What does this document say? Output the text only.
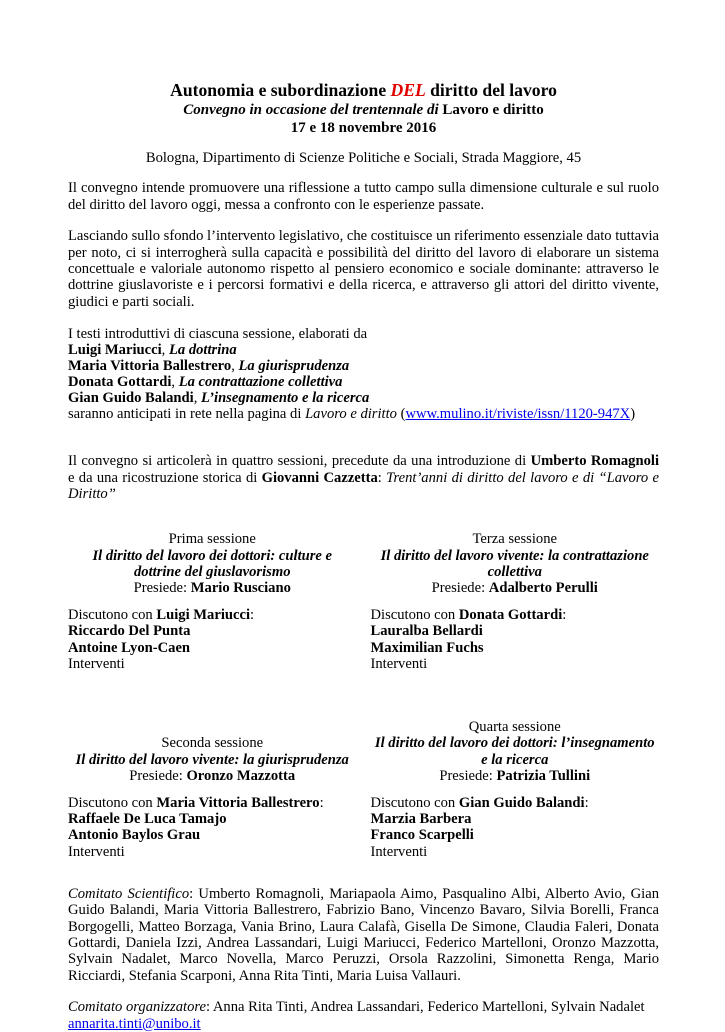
Autonomia e subordinazione DEL diritto del lavoro
Convegno in occasione del trentennale di Lavoro e diritto
17 e 18 novembre 2016
Bologna, Dipartimento di Scienze Politiche e Sociali, Strada Maggiore, 45
Il convegno intende promuovere una riflessione a tutto campo sulla dimensione culturale e sul ruolo del diritto del lavoro oggi, messa a confronto con le esperienze passate.
Lasciando sullo sfondo l’intervento legislativo, che costituisce un riferimento essenziale dato tuttavia per noto, ci si interrogherà sulla capacità e possibilità del diritto del lavoro di elaborare un sistema concettuale e valoriale autonomo rispetto al pensiero economico e sociale dominante: attraverso le dottrine giuslavoriste e i percorsi formativi e della ricerca, e attraverso gli attori del diritto vivente, giudici e parti sociali.
I testi introduttivi di ciascuna sessione, elaborati da
Luigi Mariucci, La dottrina
Maria Vittoria Ballestrero, La giurisprudenza
Donata Gottardi, La contrattazione collettiva
Gian Guido Balandi, L’insegnamento e la ricerca
saranno anticipati in rete nella pagina di Lavoro e diritto (www.mulino.it/riviste/issn/1120-947X)
Il convegno si articolerà in quattro sessioni, precedute da una introduzione di Umberto Romagnoli e da una ricostruzione storica di Giovanni Cazzetta: Trent’anni di diritto del lavoro e di “Lavoro e Diritto”
Prima sessione
Il diritto del lavoro dei dottori: culture e dottrine del giuslavorismo
Presiede: Mario Rusciano
Terza sessione
Il diritto del lavoro vivente: la contrattazione collettiva
Presiede: Adalberto Perulli
Discutono con Luigi Mariucci:
Riccardo Del Punta
Antoine Lyon-Caen
Interventi
Discutono con Donata Gottardi:
Lauralba Bellardi
Maximilian Fuchs
Interventi
Seconda sessione
Il diritto del lavoro vivente: la giurisprudenza
Presiede: Oronzo Mazzotta
Quarta sessione
Il diritto del lavoro dei dottori: l’insegnamento e la ricerca
Presiede: Patrizia Tullini
Discutono con Maria Vittoria Ballestrero:
Raffaele De Luca Tamajo
Antonio Baylos Grau
Interventi
Discutono con Gian Guido Balandi:
Marzia Barbera
Franco Scarpelli
Interventi
Comitato Scientifico: Umberto Romagnoli, Mariapaola Aimo, Pasqualino Albi, Alberto Avio, Gian Guido Balandi, Maria Vittoria Ballestrero, Fabrizio Bano, Vincenzo Bavaro, Silvia Borelli, Franca Borgogelli, Matteo Borzaga, Vania Brino, Laura Calafà, Gisella De Simone, Claudia Faleri, Donata Gottardi, Daniela Izzi, Andrea Lassandari, Luigi Mariucci, Federico Martelloni, Oronzo Mazzotta, Sylvain Nadalet, Marco Novella, Marco Peruzzi, Orsola Razzolini, Simonetta Renga, Mario Ricciardi, Stefania Scarponi, Anna Rita Tinti, Maria Luisa Vallauri.
Comitato organizzatore: Anna Rita Tinti, Andrea Lassandari, Federico Martelloni, Sylvain Nadalet
annarita.tinti@unibo.it
